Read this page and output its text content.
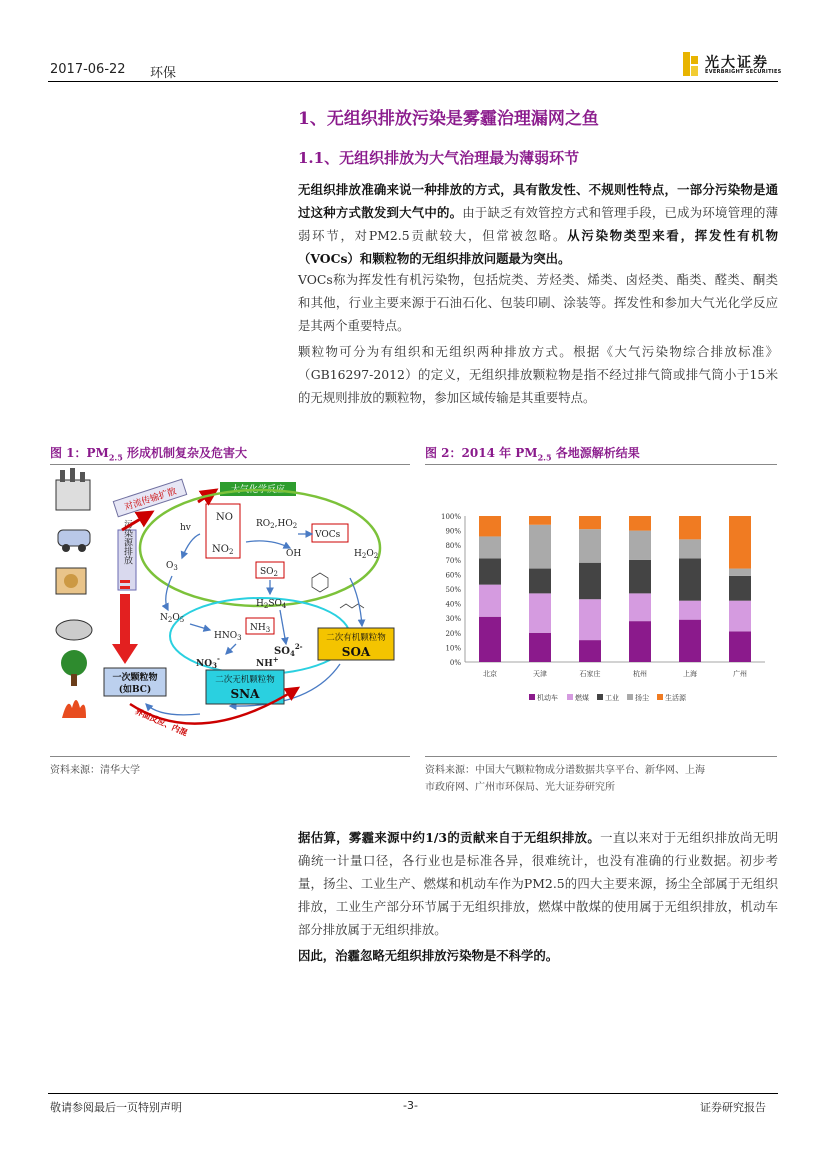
2017-06-22 环保
光大证券
EVERBRIGHT SECURITIES
1、无组织排放污染是雾霾治理漏网之鱼
1.1、无组织排放为大气治理最为薄弱环节
无组织排放准确来说一种排放的方式，具有散发性、不规则性特点，一部分污染物是通过这种方式散发到大气中的。由于缺乏有效管控方式和管理手段，已成为环境管理的薄弱环节，对PM2.5贡献较大，但常被忽略。从污染物类型来看，挥发性有机物（VOCs）和颗粒物的无组织排放问题最为突出。
VOCs称为挥发性有机污染物，包括烷类、芳烃类、烯类、卤烃类、酯类、醛类、酮类和其他，行业主要来源于石油石化、包装印刷、涂装等。挥发性和参加大气光化学反应是其两个重要特点。
颗粒物可分为有组织和无组织两种排放方式。根据《大气污染物综合排放标准》（GB16297-2012）的定义，无组织排放颗粒物是指不经过排气筒或排气筒小于15米的无规则排放的颗粒物，参加区域传输是其重要特点。
图 1：$PM_{2.5}$ 形成机制复杂及危害大
污染源排放
对流传输扩散	大气化学反应
NO
$NO_2$
hv
$O_3$
$RO_2,HO_2$
VOCs
OH	$H_2O_2$
$SO_2$
$H_2SO_4$
$N_2O_5$
$HNO_3$
$NH_3$
$NO_3^-$
$SO_4^{2-}$
NH+
一次颗粒物
(如BC)
二次无机颗粒物
SNA
二次有机颗粒物
SOA
界面反应、内混
资料来源：清华大学
图 2：2014 年 $PM_{2.5}$ 各地源解析结果
0%
10%
20%
30%
40%
50%
60%
70%
80%
90%
100%
北京	天津	石家庄	杭州	上海	广州
机动车 燃煤 工业 扬尘 生活源
资料来源：中国大气颗粒物成分谱数据共享平台、新华网、上海
市政府网、广州市环保局、光大证券研究所
据估算，雾霾来源中约1/3的贡献来自于无组织排放。一直以来对于无组织排放尚无明确统一计量口径，各行业也是标准各异，很难统计，也没有准确的行业数据。初步考量，扬尘、工业生产、燃煤和机动车作为PM2.5的四大主要来源，扬尘全部属于无组织排放，工业生产部分环节属于无组织排放，燃煤中散煤的使用属于无组织排放，机动车部分排放属于无组织排放。
因此，治霾忽略无组织排放污染物是不科学的。
敬请参阅最后一页特别声明	-3-	证券研究报告
